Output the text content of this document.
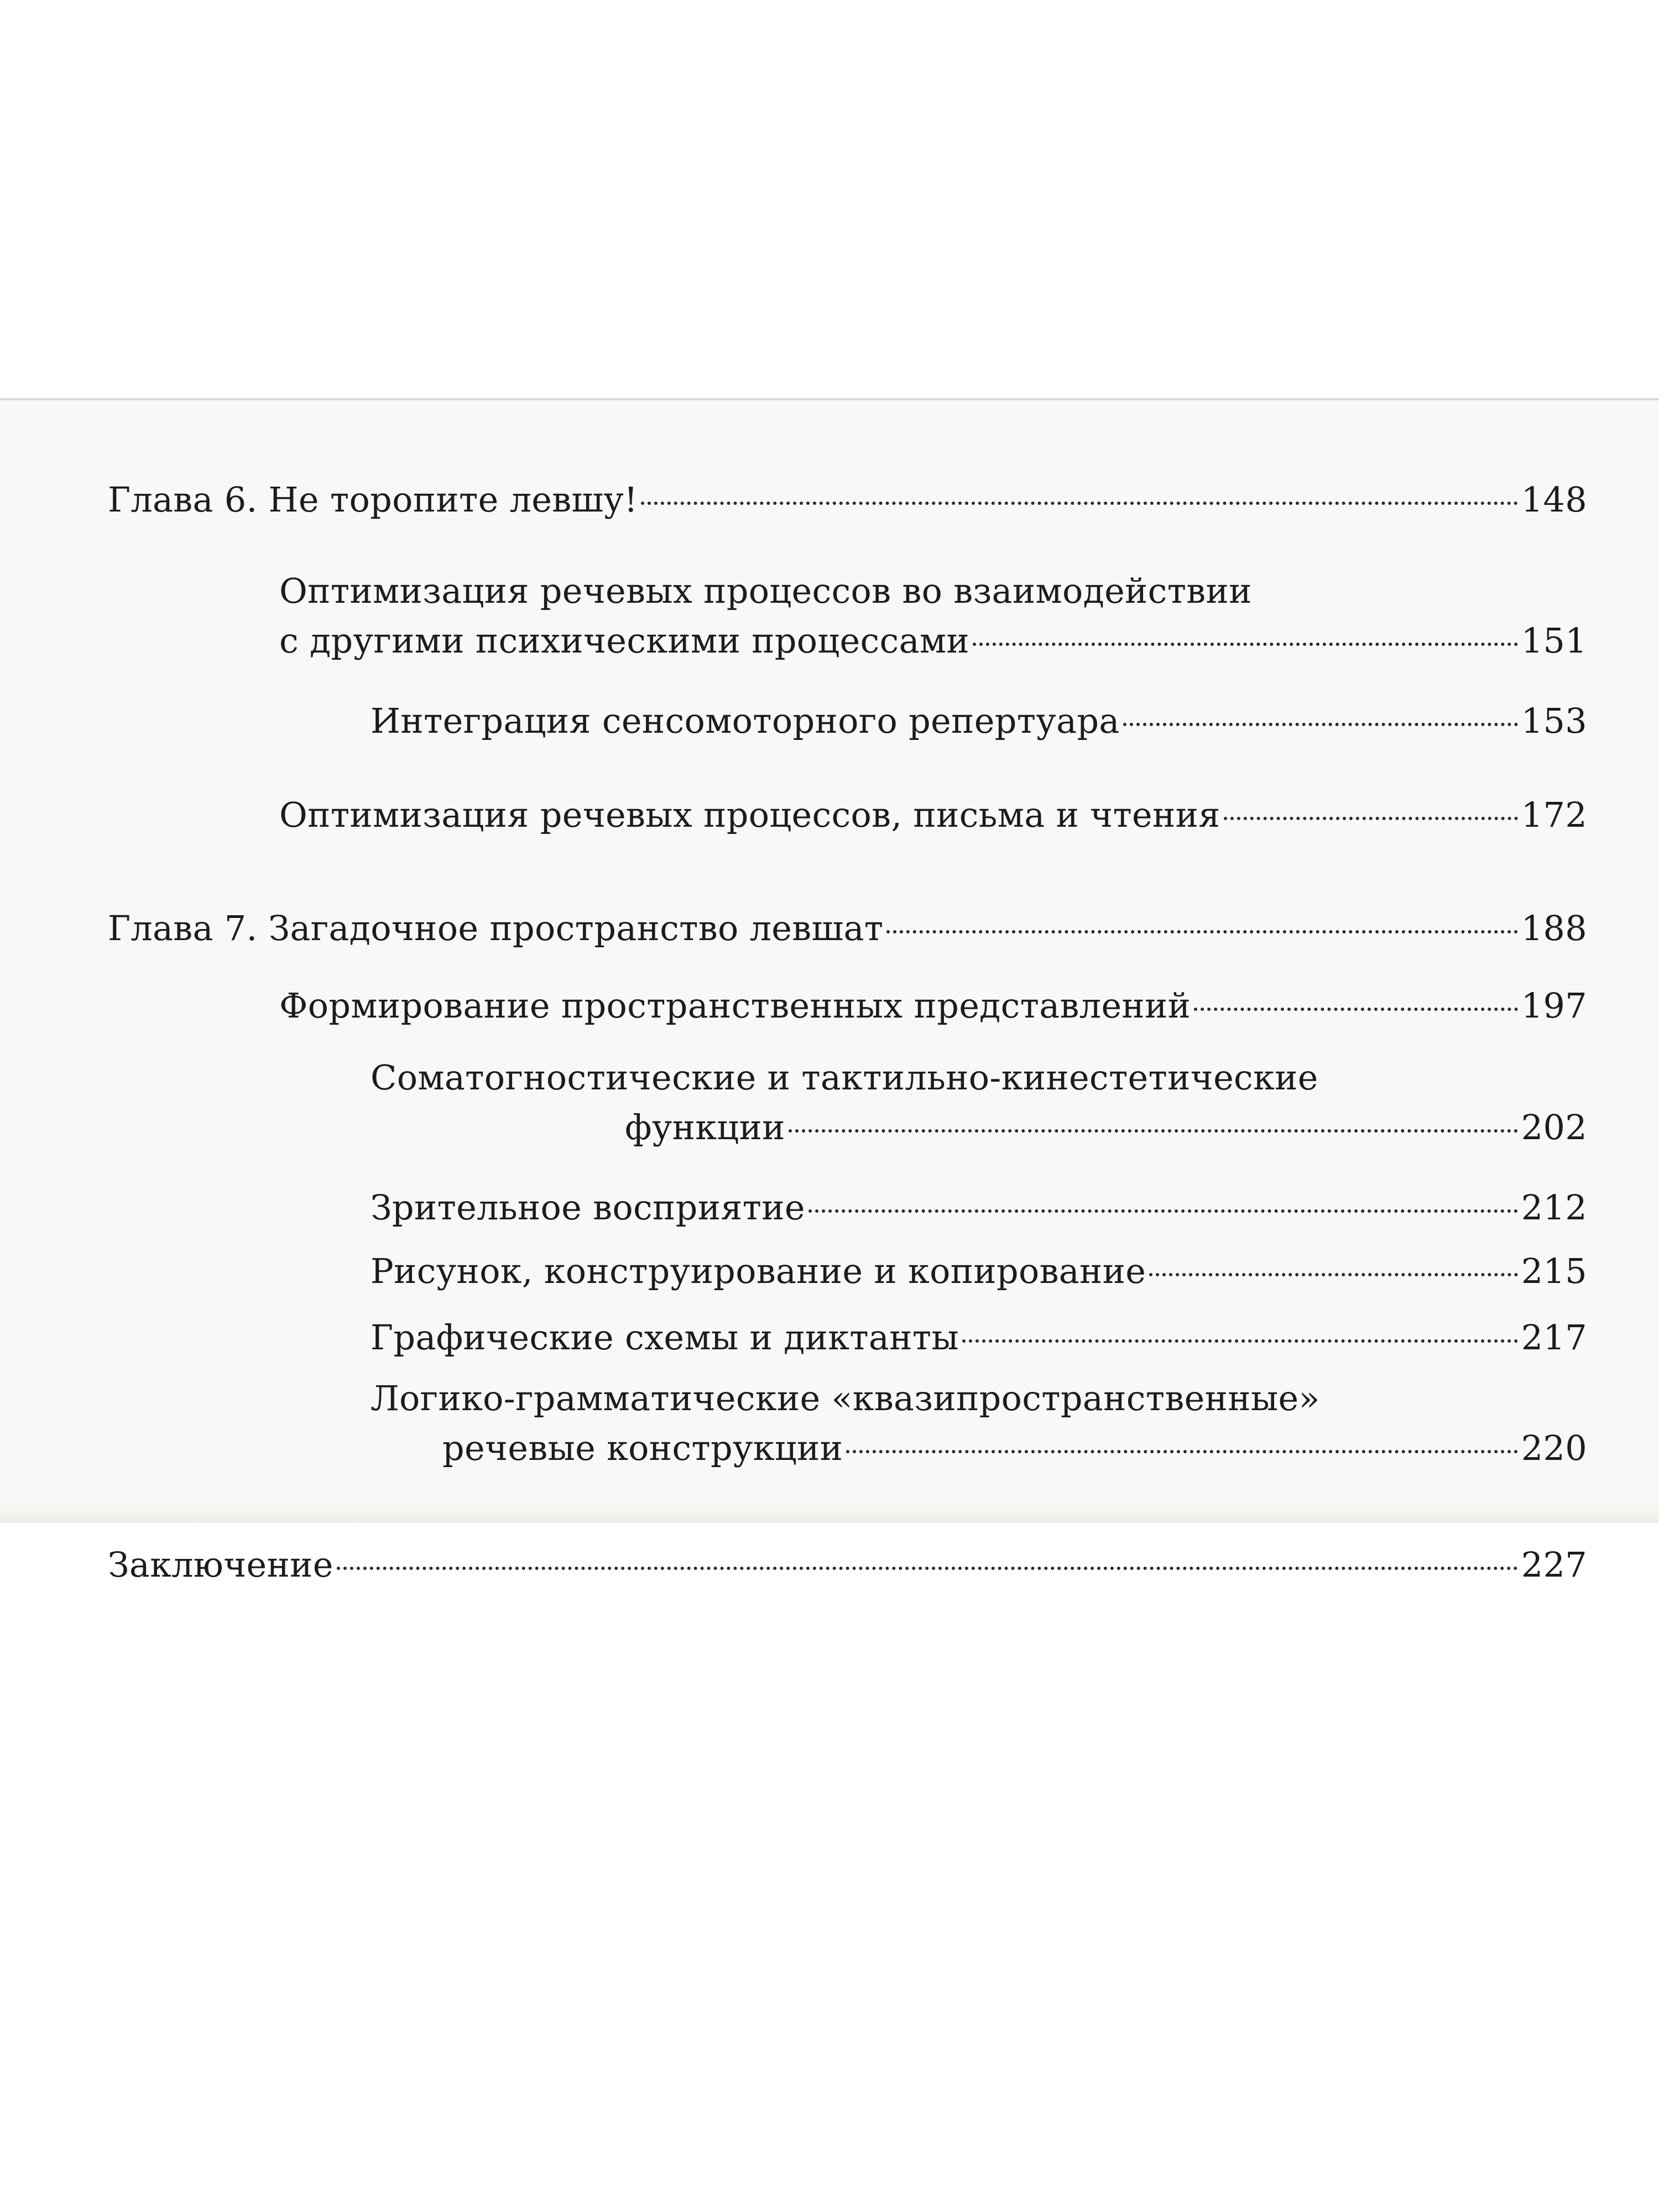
Глава 6. Не торопите левшу!	148
Оптимизация речевых процессов во взаимодействии
с другими психическими процессами	151
Интеграция сенсомоторного репертуара	153
Оптимизация речевых процессов, письма и чтения	172
Глава 7. Загадочное пространство левшат	188
Формирование пространственных представлений	197
Соматогностические и тактильно-кинестетические
функции	202
Зрительное восприятие	212
Рисунок, конструирование и копирование	215
Графические схемы и диктанты	217
Логико-грамматические «квазипространственные»
речевые конструкции	220
Заключение	227
